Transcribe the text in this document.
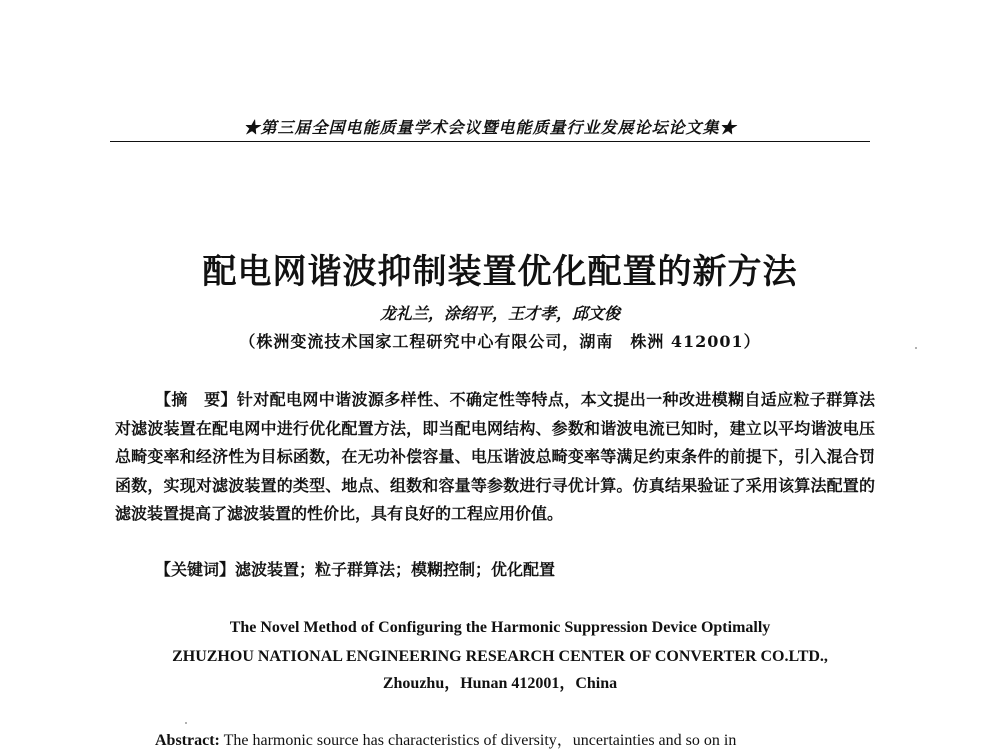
★第三届全国电能质量学术会议暨电能质量行业发展论坛论文集★
配电网谐波抑制装置优化配置的新方法
龙礼兰，涂绍平，王才孝，邱文俊
（株洲变流技术国家工程研究中心有限公司，湖南　株洲 412001）

【摘　要】针对配电网中谐波源多样性、不确定性等特点，本文提出一种改进模糊自适应粒子群算法对滤波装置在配电网中进行优化配置方法，即当配电网结构、参数和谐波电流已知时，建立以平均谐波电压总畸变率和经济性为目标函数，在无功补偿容量、电压谐波总畸变率等满足约束条件的前提下，引入混合罚函数，实现对滤波装置的类型、地点、组数和容量等参数进行寻优计算。仿真结果验证了采用该算法配置的滤波装置提高了滤波装置的性价比，具有良好的工程应用价值。

【关键词】滤波装置；粒子群算法；模糊控制；优化配置
The Novel Method of Configuring the Harmonic Suppression Device Optimally
ZHUZHOU NATIONAL ENGINEERING RESEARCH CENTER OF CONVERTER CO.LTD.,
Zhouzhu，Hunan 412001，China
Abstract: The harmonic source has characteristics of diversity，uncertainties and so on in
